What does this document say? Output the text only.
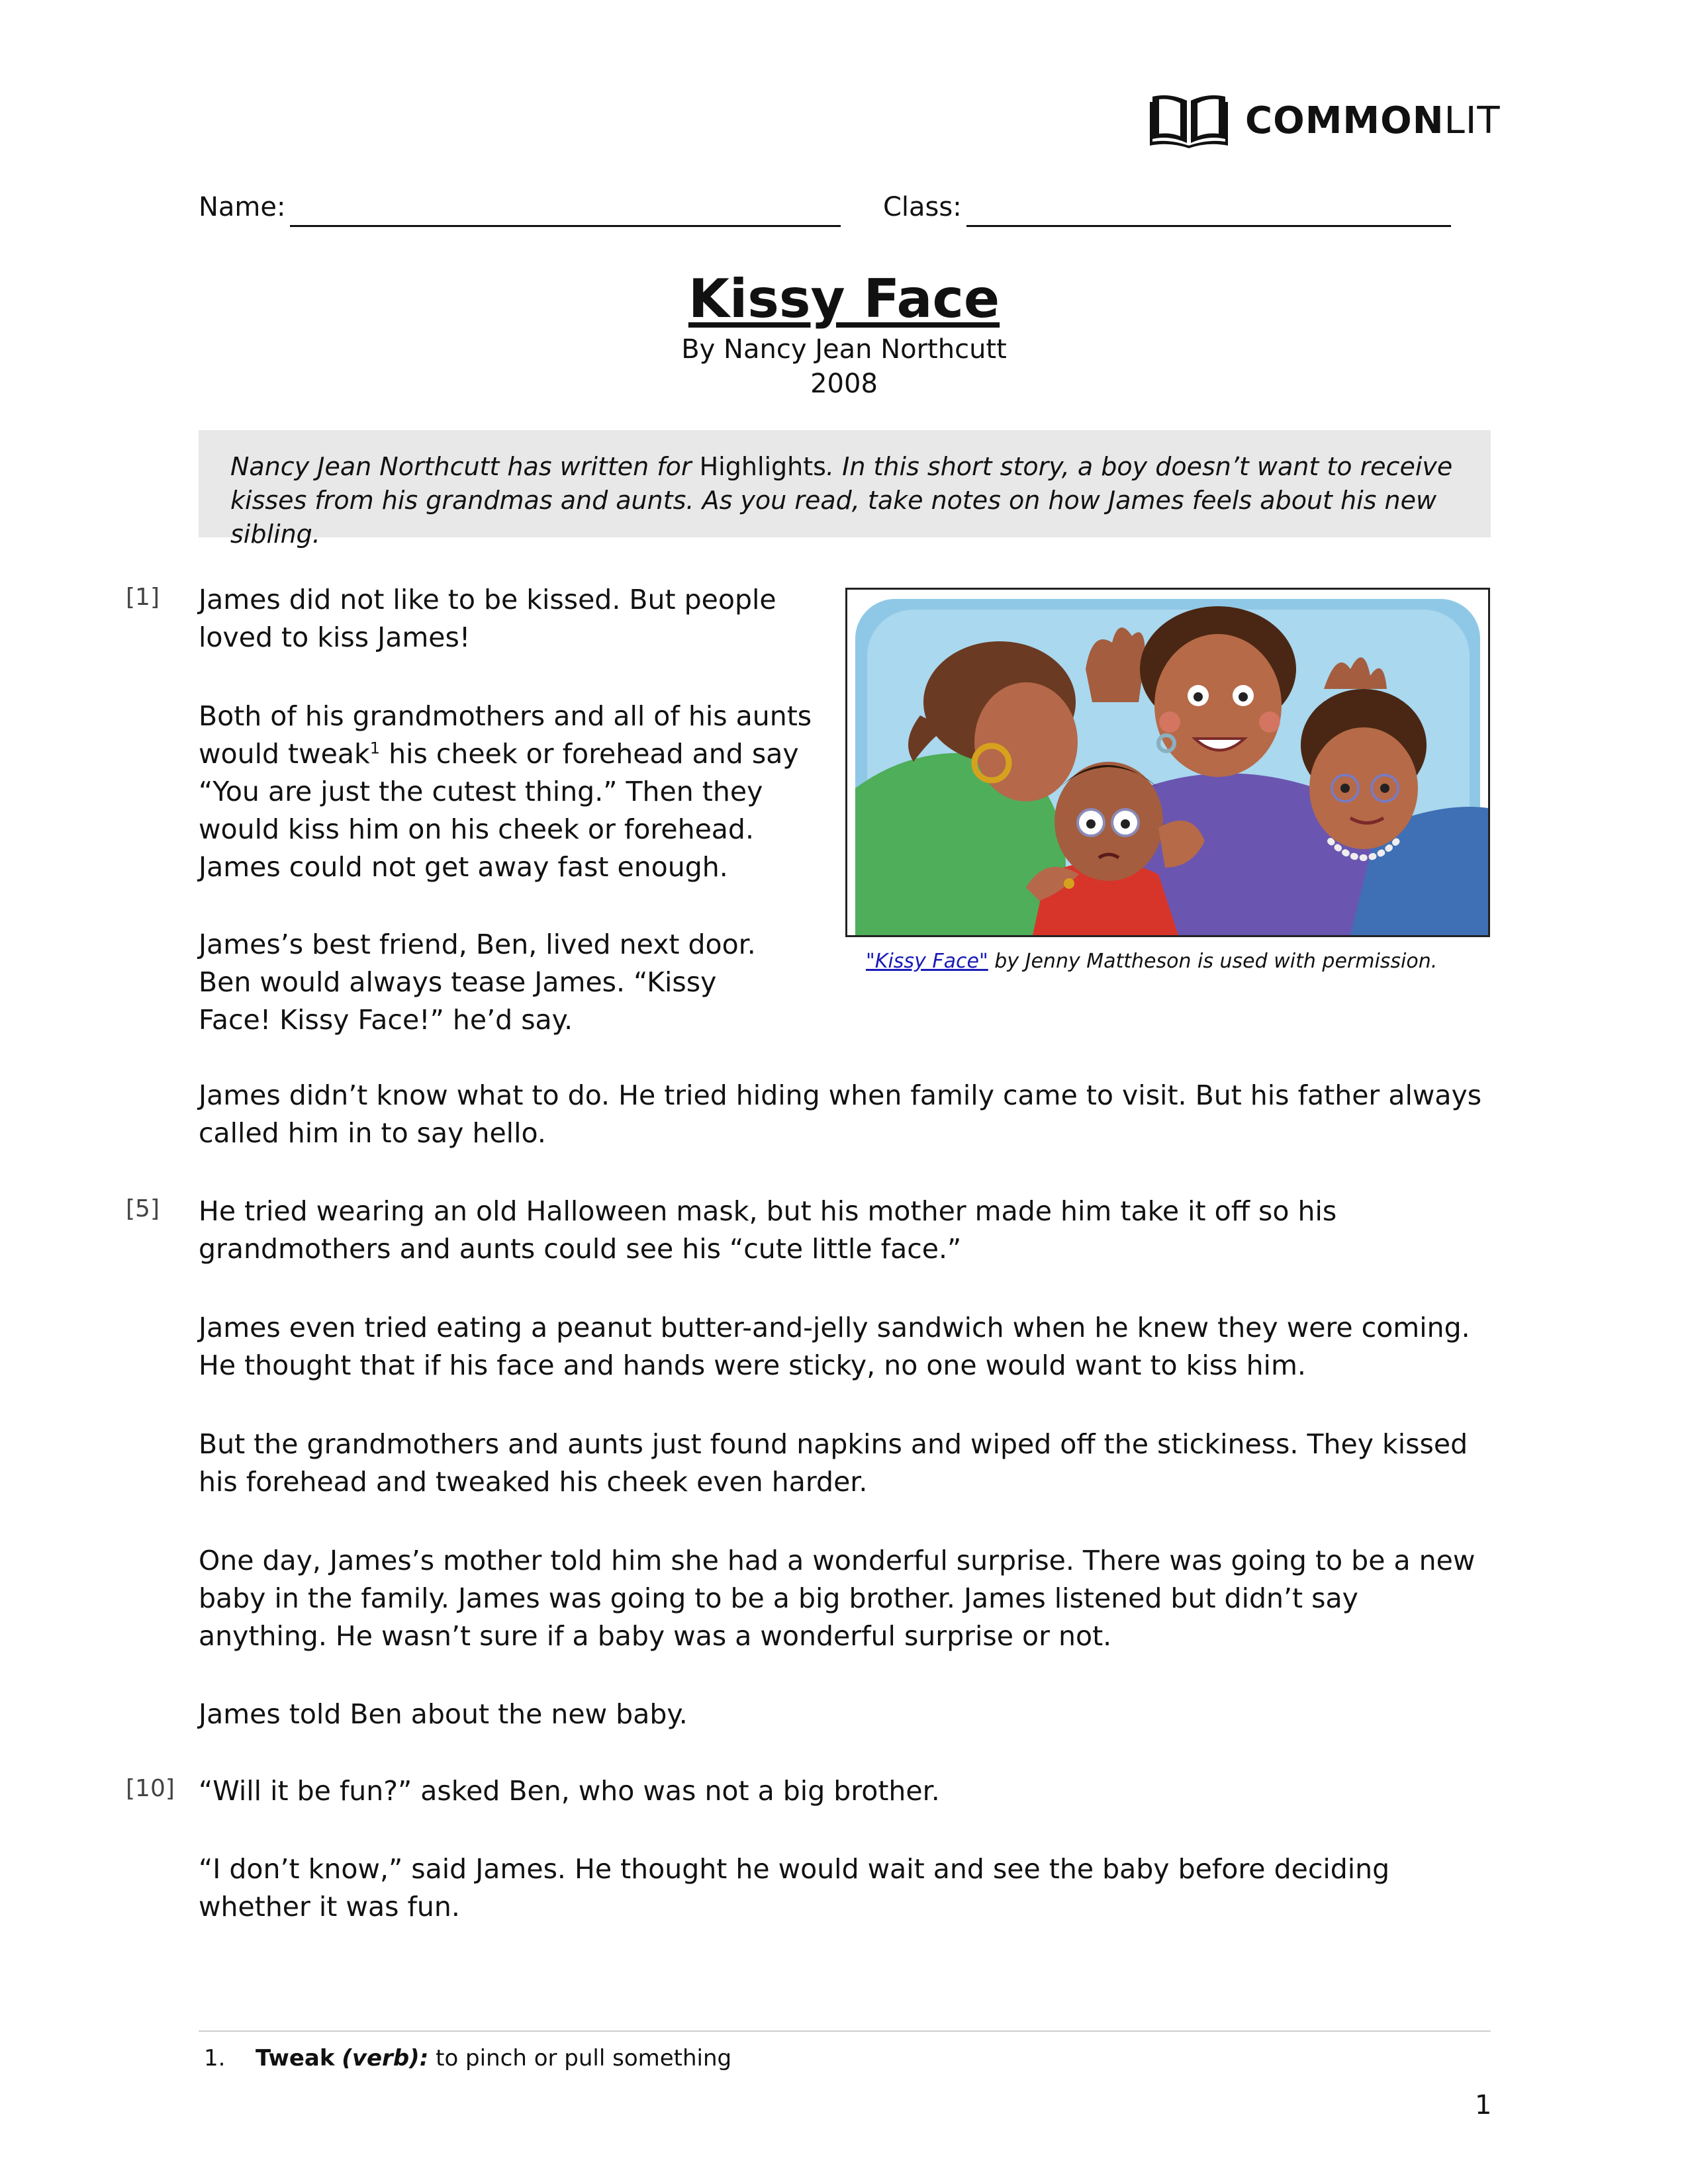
COMMONLIT
Name:	Class:
Kissy Face
By Nancy Jean Northcutt
2008
Nancy Jean Northcutt has written for Highlights. In this short story, a boy doesn’t want to receive kisses from his grandmas and aunts. As you read, take notes on how James feels about his new sibling.
[1] James did not like to be kissed. But people loved to kiss James!
Both of his grandmothers and all of his aunts would tweak$^1$ his cheek or forehead and say “You are just the cutest thing.” Then they would kiss him on his cheek or forehead. James could not get away fast enough.
James’s best friend, Ben, lived next door. Ben would always tease James. “Kissy Face! Kissy Face!” he’d say.
"Kissy Face" by Jenny Mattheson is used with permission.
James didn’t know what to do. He tried hiding when family came to visit. But his father always called him in to say hello.
[5] He tried wearing an old Halloween mask, but his mother made him take it off so his grandmothers and aunts could see his “cute little face.”
James even tried eating a peanut butter-and-jelly sandwich when he knew they were coming. He thought that if his face and hands were sticky, no one would want to kiss him.
But the grandmothers and aunts just found napkins and wiped off the stickiness. They kissed his forehead and tweaked his cheek even harder.
One day, James’s mother told him she had a wonderful surprise. There was going to be a new baby in the family. James was going to be a big brother. James listened but didn’t say anything. He wasn’t sure if a baby was a wonderful surprise or not.
James told Ben about the new baby.
[10] “Will it be fun?” asked Ben, who was not a big brother.
“I don’t know,” said James. He thought he would wait and see the baby before deciding whether it was fun.
1. Tweak (verb): to pinch or pull something
1
